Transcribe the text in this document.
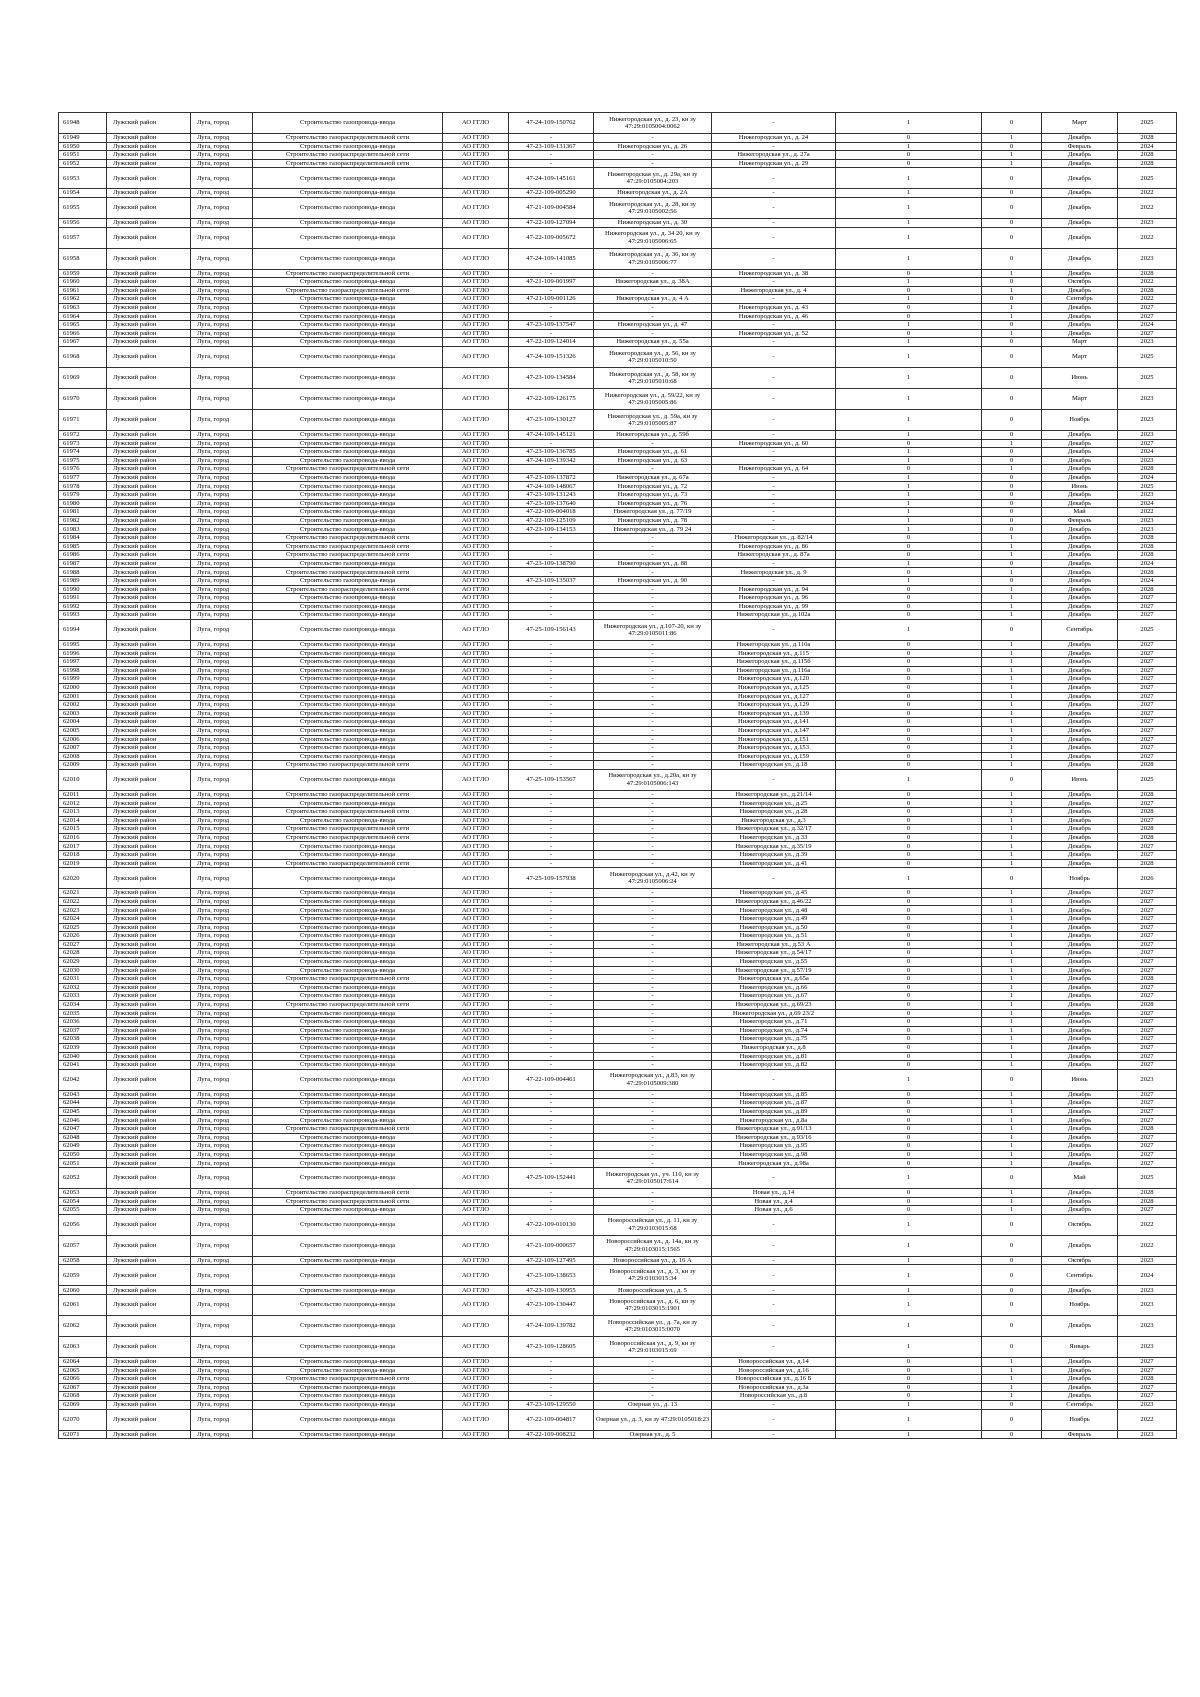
61948	Лужский район	Луга, город	Строительство газопровода-ввода	АО ГГЛО	47-24-109-150762	Нижегородская ул., д. 23, кн зу 47:29:0105004:0062	-	1	0	Март	2025
61949	Лужский район	Луга, город	Строительство газораспределительной сети	АО ГГЛО	-	-	Нижегородская ул., д. 24	0	1	Декабрь	2028
61950	Лужский район	Луга, город	Строительство газопровода-ввода	АО ГГЛО	47-23-109-131367	Нижегородская ул., д. 26	-	1	0	Февраль	2024
61951	Лужский район	Луга, город	Строительство газораспределительной сети	АО ГГЛО	-	-	Нижегородская ул., д. 27а	0	1	Декабрь	2028
61952	Лужский район	Луга, город	Строительство газораспределительной сети	АО ГГЛО	-	-	Нижегородская ул., д. 29	0	1	Декабрь	2028
61953	Лужский район	Луга, город	Строительство газопровода-ввода	АО ГГЛО	47-24-109-145161	Нижегородская ул., д. 29а, кн зу 47:29:0105004:203	-	1	0	Декабрь	2025
61954	Лужский район	Луга, город	Строительство газопровода-ввода	АО ГГЛО	47-22-109-005290	Нижегородская ул., д. 2А	-	1	0	Декабрь	2022
61955	Лужский район	Луга, город	Строительство газопровода-ввода	АО ГГЛО	47-21-109-004584	Нижегородская ул., д. 28, кн зу 47:29:0105002:56	-	1	0	Декабрь	2022
61956	Лужский район	Луга, город	Строительство газопровода-ввода	АО ГГЛО	47-22-109-127094	Нижегородская ул., д. 30	-	1	0	Декабрь	2023
61957	Лужский район	Луга, город	Строительство газопровода-ввода	АО ГГЛО	47-22-109-005672	Нижегородская ул., д. 34 20, кн зу 47:29:0105006:65	-	1	0	Декабрь	2022
61958	Лужский район	Луга, город	Строительство газопровода-ввода	АО ГГЛО	47-24-109-141085	Нижегородская ул., д. 36, кн зу 47:29:0105006:77	-	1	0	Декабрь	2023
61959	Лужский район	Луга, город	Строительство газораспределительной сети	АО ГГЛО	-	-	Нижегородская ул., д. 38	0	1	Декабрь	2028
61960	Лужский район	Луга, город	Строительство газопровода-ввода	АО ГГЛО	47-21-109-001997	Нижегородская ул., д. 38А	-	1	0	Октябрь	2022
61961	Лужский район	Луга, город	Строительство газораспределительной сети	АО ГГЛО	-	-	Нижегородская ул., д. 4	0	1	Декабрь	2028
61962	Лужский район	Луга, город	Строительство газопровода-ввода	АО ГГЛО	47-21-109-001126	Нижегородская ул., д. 4 А	-	1	0	Сентябрь	2022
61963	Лужский район	Луга, город	Строительство газопровода-ввода	АО ГГЛО	-	-	Нижегородская ул., д. 43	0	1	Декабрь	2027
61964	Лужский район	Луга, город	Строительство газопровода-ввода	АО ГГЛО	-	-	Нижегородская ул., д. 46	0	1	Декабрь	2027
61965	Лужский район	Луга, город	Строительство газопровода-ввода	АО ГГЛО	47-23-109-137547	Нижегородская ул., д. 47	-	1	0	Декабрь	2024
61966	Лужский район	Луга, город	Строительство газопровода-ввода	АО ГГЛО	-	-	Нижегородская ул., д. 52	0	1	Декабрь	2027
61967	Лужский район	Луга, город	Строительство газопровода-ввода	АО ГГЛО	47-22-109-124014	Нижегородская ул., д. 55а	-	1	0	Март	2023
61968	Лужский район	Луга, город	Строительство газопровода-ввода	АО ГГЛО	47-24-109-151326	Нижегородская ул., д. 56, кн зу 47:29:0105010:50	-	1	0	Март	2025
61969	Лужский район	Луга, город	Строительство газопровода-ввода	АО ГГЛО	47-23-109-134584	Нижегородская ул., д. 58, кн зу 47:29:0105010:68	-	1	0	Июнь	2025
61970	Лужский район	Луга, город	Строительство газопровода-ввода	АО ГГЛО	47-22-109-126175	Нижегородская ул., д. 59/22, кн зу 47:29:0105005:86	-	1	0	Март	2023
61971	Лужский район	Луга, город	Строительство газопровода-ввода	АО ГГЛО	47-23-109-130127	Нижегородская ул., д. 59а, кн зу 47:29:0105005:87	-	1	0	Ноябрь	2023
61972	Лужский район	Луга, город	Строительство газопровода-ввода	АО ГГЛО	47-24-109-145121	Нижегородская ул., д. 59б	-	1	0	Декабрь	2023
61973	Лужский район	Луга, город	Строительство газопровода-ввода	АО ГГЛО	-	-	Нижегородская ул., д. 60	0	1	Декабрь	2027
61974	Лужский район	Луга, город	Строительство газопровода-ввода	АО ГГЛО	47-23-109-136785	Нижегородская ул., д. 61	-	1	0	Декабрь	2024
61975	Лужский район	Луга, город	Строительство газопровода-ввода	АО ГГЛО	47-24-109-139342	Нижегородская ул., д. 63	-	1	0	Декабрь	2023
61976	Лужский район	Луга, город	Строительство газораспределительной сети	АО ГГЛО	-	-	Нижегородская ул., д. 64	0	1	Декабрь	2028
61977	Лужский район	Луга, город	Строительство газопровода-ввода	АО ГГЛО	47-23-109-137872	Нижегородская ул., д. 67а	-	1	0	Декабрь	2024
61978	Лужский район	Луга, город	Строительство газопровода-ввода	АО ГГЛО	47-24-109-148067	Нижегородская ул., д. 72	-	1	0	Июнь	2025
61979	Лужский район	Луга, город	Строительство газопровода-ввода	АО ГГЛО	47-23-109-131243	Нижегородская ул., д. 73	-	1	0	Декабрь	2023
61980	Лужский район	Луга, город	Строительство газопровода-ввода	АО ГГЛО	47-23-109-137640	Нижегородская ул., д. 76	-	1	0	Декабрь	2024
61981	Лужский район	Луга, город	Строительство газопровода-ввода	АО ГГЛО	47-22-109-004018	Нижегородская ул., д. 77/19	-	1	0	Май	2022
61982	Лужский район	Луга, город	Строительство газопровода-ввода	АО ГГЛО	47-22-109-125109	Нижегородская ул., д. 78	-	1	0	Февраль	2023
61983	Лужский район	Луга, город	Строительство газопровода-ввода	АО ГГЛО	47-23-109-134153	Нижегородская ул., д. 79 24	-	1	0	Декабрь	2023
61984	Лужский район	Луга, город	Строительство газораспределительной сети	АО ГГЛО	-	-	Нижегородская ул., д. 82/14	0	1	Декабрь	2028
61985	Лужский район	Луга, город	Строительство газораспределительной сети	АО ГГЛО	-	-	Нижегородская ул., д. 86	0	1	Декабрь	2028
61986	Лужский район	Луга, город	Строительство газораспределительной сети	АО ГГЛО	-	-	Нижегородская ул., д. 87а	0	1	Декабрь	2028
61987	Лужский район	Луга, город	Строительство газопровода-ввода	АО ГГЛО	47-23-109-138790	Нижегородская ул., д. 88	-	1	0	Декабрь	2024
61988	Лужский район	Луга, город	Строительство газораспределительной сети	АО ГГЛО	-	-	Нижегородская ул., д. 9	0	1	Декабрь	2028
61989	Лужский район	Луга, город	Строительство газопровода-ввода	АО ГГЛО	47-23-109-135037	Нижегородская ул., д. 90	-	1	0	Декабрь	2024
61990	Лужский район	Луга, город	Строительство газораспределительной сети	АО ГГЛО	-	-	Нижегородская ул., д. 94	0	1	Декабрь	2028
61991	Лужский район	Луга, город	Строительство газопровода-ввода	АО ГГЛО	-	-	Нижегородская ул., д. 96	0	1	Декабрь	2027
61992	Лужский район	Луга, город	Строительство газопровода-ввода	АО ГГЛО	-	-	Нижегородская ул., д. 99	0	1	Декабрь	2027
61993	Лужский район	Луга, город	Строительство газопровода-ввода	АО ГГЛО	-	-	Нижегородская ул., д.102а	0	1	Декабрь	2027
61994	Лужский район	Луга, город	Строительство газопровода-ввода	АО ГГЛО	47-25-109-156143	Нижегородская ул., д.107-20, кн зу 47:29:0105011:86	-	1	0	Сентябрь	2025
61995	Лужский район	Луга, город	Строительство газопровода-ввода	АО ГГЛО	-	-	Нижегородская ул., д.110а	0	1	Декабрь	2027
61996	Лужский район	Луга, город	Строительство газопровода-ввода	АО ГГЛО	-	-	Нижегородская ул., д.115	0	1	Декабрь	2027
61997	Лужский район	Луга, город	Строительство газопровода-ввода	АО ГГЛО	-	-	Нижегородская ул., д.115б	0	1	Декабрь	2027
61998	Лужский район	Луга, город	Строительство газопровода-ввода	АО ГГЛО	-	-	Нижегородская ул., д.116а	0	1	Декабрь	2027
61999	Лужский район	Луга, город	Строительство газопровода-ввода	АО ГГЛО	-	-	Нижегородская ул., д.120	0	1	Декабрь	2027
62000	Лужский район	Луга, город	Строительство газопровода-ввода	АО ГГЛО	-	-	Нижегородская ул., д.125	0	1	Декабрь	2027
62001	Лужский район	Луга, город	Строительство газопровода-ввода	АО ГГЛО	-	-	Нижегородская ул., д.127	0	1	Декабрь	2027
62002	Лужский район	Луга, город	Строительство газопровода-ввода	АО ГГЛО	-	-	Нижегородская ул., д.129	0	1	Декабрь	2027
62003	Лужский район	Луга, город	Строительство газопровода-ввода	АО ГГЛО	-	-	Нижегородская ул., д.139	0	1	Декабрь	2027
62004	Лужский район	Луга, город	Строительство газопровода-ввода	АО ГГЛО	-	-	Нижегородская ул., д.141	0	1	Декабрь	2027
62005	Лужский район	Луга, город	Строительство газопровода-ввода	АО ГГЛО	-	-	Нижегородская ул., д.147	0	1	Декабрь	2027
62006	Лужский район	Луга, город	Строительство газопровода-ввода	АО ГГЛО	-	-	Нижегородская ул., д.151	0	1	Декабрь	2027
62007	Лужский район	Луга, город	Строительство газопровода-ввода	АО ГГЛО	-	-	Нижегородская ул., д.153	0	1	Декабрь	2027
62008	Лужский район	Луга, город	Строительство газопровода-ввода	АО ГГЛО	-	-	Нижегородская ул., д.159	0	1	Декабрь	2027
62009	Лужский район	Луга, город	Строительство газораспределительной сети	АО ГГЛО	-	-	Нижегородская ул., д.18	0	1	Декабрь	2028
62010	Лужский район	Луга, город	Строительство газопровода-ввода	АО ГГЛО	47-25-109-153567	Нижегородская ул., д.20а, кн зу 47:29:0105006:143	-	1	0	Июнь	2025
62011	Лужский район	Луга, город	Строительство газораспределительной сети	АО ГГЛО	-	-	Нижегородская ул., д.21/14	0	1	Декабрь	2028
62012	Лужский район	Луга, город	Строительство газопровода-ввода	АО ГГЛО	-	-	Нижегородская ул., д.25	0	1	Декабрь	2027
62013	Лужский район	Луга, город	Строительство газораспределительной сети	АО ГГЛО	-	-	Нижегородская ул., д.28	0	1	Декабрь	2028
62014	Лужский район	Луга, город	Строительство газопровода-ввода	АО ГГЛО	-	-	Нижегородская ул., д.3	0	1	Декабрь	2027
62015	Лужский район	Луга, город	Строительство газораспределительной сети	АО ГГЛО	-	-	Нижегородская ул., д.32/17	0	1	Декабрь	2028
62016	Лужский район	Луга, город	Строительство газораспределительной сети	АО ГГЛО	-	-	Нижегородская ул., д.33	0	1	Декабрь	2028
62017	Лужский район	Луга, город	Строительство газопровода-ввода	АО ГГЛО	-	-	Нижегородская ул., д.35/19	0	1	Декабрь	2027
62018	Лужский район	Луга, город	Строительство газопровода-ввода	АО ГГЛО	-	-	Нижегородская ул., д.39	0	1	Декабрь	2027
62019	Лужский район	Луга, город	Строительство газораспределительной сети	АО ГГЛО	-	-	Нижегородская ул., д.41	0	1	Декабрь	2028
62020	Лужский район	Луга, город	Строительство газопровода-ввода	АО ГГЛО	47-25-109-157938	Нижегородская ул., д.42, кн зу 47:29:0105006:24	-	1	0	Ноябрь	2026
62021	Лужский район	Луга, город	Строительство газопровода-ввода	АО ГГЛО	-	-	Нижегородская ул., д.45	0	1	Декабрь	2027
62022	Лужский район	Луга, город	Строительство газопровода-ввода	АО ГГЛО	-	-	Нижегородская ул., д.46/22	0	1	Декабрь	2027
62023	Лужский район	Луга, город	Строительство газопровода-ввода	АО ГГЛО	-	-	Нижегородская ул., д.48	0	1	Декабрь	2027
62024	Лужский район	Луга, город	Строительство газопровода-ввода	АО ГГЛО	-	-	Нижегородская ул., д.49	0	1	Декабрь	2027
62025	Лужский район	Луга, город	Строительство газопровода-ввода	АО ГГЛО	-	-	Нижегородская ул., д.50	0	1	Декабрь	2027
62026	Лужский район	Луга, город	Строительство газопровода-ввода	АО ГГЛО	-	-	Нижегородская ул., д.51	0	1	Декабрь	2027
62027	Лужский район	Луга, город	Строительство газопровода-ввода	АО ГГЛО	-	-	Нижегородская ул., д.53 А	0	1	Декабрь	2027
62028	Лужский район	Луга, город	Строительство газопровода-ввода	АО ГГЛО	-	-	Нижегородская ул., д.54/17	0	1	Декабрь	2027
62029	Лужский район	Луга, город	Строительство газопровода-ввода	АО ГГЛО	-	-	Нижегородская ул., д.55	0	1	Декабрь	2027
62030	Лужский район	Луга, город	Строительство газопровода-ввода	АО ГГЛО	-	-	Нижегородская ул., д.57/19	0	1	Декабрь	2027
62031	Лужский район	Луга, город	Строительство газораспределительной сети	АО ГГЛО	-	-	Нижегородская ул., д.65а	0	1	Декабрь	2028
62032	Лужский район	Луга, город	Строительство газопровода-ввода	АО ГГЛО	-	-	Нижегородская ул., д.66	0	1	Декабрь	2027
62033	Лужский район	Луга, город	Строительство газопровода-ввода	АО ГГЛО	-	-	Нижегородская ул., д.67	0	1	Декабрь	2027
62034	Лужский район	Луга, город	Строительство газораспределительной сети	АО ГГЛО	-	-	Нижегородская ул., д.69/23	0	1	Декабрь	2028
62035	Лужский район	Луга, город	Строительство газопровода-ввода	АО ГГЛО	-	-	Нижегородская ул., д.69 23/2	0	1	Декабрь	2027
62036	Лужский район	Луга, город	Строительство газопровода-ввода	АО ГГЛО	-	-	Нижегородская ул., д.71	0	1	Декабрь	2027
62037	Лужский район	Луга, город	Строительство газопровода-ввода	АО ГГЛО	-	-	Нижегородская ул., д.74	0	1	Декабрь	2027
62038	Лужский район	Луга, город	Строительство газопровода-ввода	АО ГГЛО	-	-	Нижегородская ул., д.75	0	1	Декабрь	2027
62039	Лужский район	Луга, город	Строительство газопровода-ввода	АО ГГЛО	-	-	Нижегородская ул., д.8	0	1	Декабрь	2027
62040	Лужский район	Луга, город	Строительство газопровода-ввода	АО ГГЛО	-	-	Нижегородская ул., д.81	0	1	Декабрь	2027
62041	Лужский район	Луга, город	Строительство газопровода-ввода	АО ГГЛО	-	-	Нижегородская ул., д.82	0	1	Декабрь	2027
62042	Лужский район	Луга, город	Строительство газопровода-ввода	АО ГГЛО	47-22-109-004461	Нижегородская ул., д.83, кн зу 47:29:0105009:380	-	1	0	Июнь	2023
62043	Лужский район	Луга, город	Строительство газопровода-ввода	АО ГГЛО	-	-	Нижегородская ул., д.85	0	1	Декабрь	2027
62044	Лужский район	Луга, город	Строительство газопровода-ввода	АО ГГЛО	-	-	Нижегородская ул., д.87	0	1	Декабрь	2027
62045	Лужский район	Луга, город	Строительство газопровода-ввода	АО ГГЛО	-	-	Нижегородская ул., д.89	0	1	Декабрь	2027
62046	Лужский район	Луга, город	Строительство газопровода-ввода	АО ГГЛО	-	-	Нижегородская ул., д.8а	0	1	Декабрь	2027
62047	Лужский район	Луга, город	Строительство газораспределительной сети	АО ГГЛО	-	-	Нижегородская ул., д.91/13	0	1	Декабрь	2028
62048	Лужский район	Луга, город	Строительство газопровода-ввода	АО ГГЛО	-	-	Нижегородская ул., д.93/16	0	1	Декабрь	2027
62049	Лужский район	Луга, город	Строительство газопровода-ввода	АО ГГЛО	-	-	Нижегородская ул., д.95	0	1	Декабрь	2027
62050	Лужский район	Луга, город	Строительство газопровода-ввода	АО ГГЛО	-	-	Нижегородская ул., д.98	0	1	Декабрь	2027
62051	Лужский район	Луга, город	Строительство газопровода-ввода	АО ГГЛО	-	-	Нижегородская ул., д.98а	0	1	Декабрь	2027
62052	Лужский район	Луга, город	Строительство газопровода-ввода	АО ГГЛО	47-25-109-152441	Нижегородская ул., уч. 110, кн зу 47:29:0105017:614	-	1	0	Май	2025
62053	Лужский район	Луга, город	Строительство газораспределительной сети	АО ГГЛО	-	-	Новая ул., д.14	0	1	Декабрь	2028
62054	Лужский район	Луга, город	Строительство газораспределительной сети	АО ГГЛО	-	-	Новая ул., д.4	0	1	Декабрь	2028
62055	Лужский район	Луга, город	Строительство газопровода-ввода	АО ГГЛО	-	-	Новая ул., д.6	0	1	Декабрь	2027
62056	Лужский район	Луга, город	Строительство газопровода-ввода	АО ГГЛО	47-22-109-010130	Новороссийская ул., д. 11, кн зу 47:29:0103015:68	-	1	0	Октябрь	2022
62057	Лужский район	Луга, город	Строительство газопровода-ввода	АО ГГЛО	47-21-109-000657	Новороссийская ул., д. 14а, кн зу 47:29:0103015:1565	-	1	0	Декабрь	2022
62058	Лужский район	Луга, город	Строительство газопровода-ввода	АО ГГЛО	47-22-109-127495	Новороссийская ул., д. 16 А	-	1	0	Октябрь	2023
62059	Лужский район	Луга, город	Строительство газопровода-ввода	АО ГГЛО	47-23-109-138653	Новороссийская ул., д. 3, кн зу 47:29:0103015:34	-	1	0	Сентябрь	2024
62060	Лужский район	Луга, город	Строительство газопровода-ввода	АО ГГЛО	47-23-109-130955	Новороссийская ул., д. 5	-	1	0	Декабрь	2023
62061	Лужский район	Луга, город	Строительство газопровода-ввода	АО ГГЛО	47-23-109-130447	Новороссийская ул., д. 6, кн зу 47:29:0103015:1901	-	1	0	Ноябрь	2023
62062	Лужский район	Луга, город	Строительство газопровода-ввода	АО ГГЛО	47-24-109-139782	Новороссийская ул., д. 7а, кн зу 47:29:0103015:0070	-	1	0	Декабрь	2023
62063	Лужский район	Луга, город	Строительство газопровода-ввода	АО ГГЛО	47-23-109-128605	Новороссийская ул., д. 9, кн зу 47:29:0103015:69	-	1	0	Январь	2023
62064	Лужский район	Луга, город	Строительство газопровода-ввода	АО ГГЛО	-	-	Новороссийская ул., д.14	0	1	Декабрь	2027
62065	Лужский район	Луга, город	Строительство газопровода-ввода	АО ГГЛО	-	-	Новороссийская ул., д.16	0	1	Декабрь	2027
62066	Лужский район	Луга, город	Строительство газораспределительной сети	АО ГГЛО	-	-	Новороссийская ул., д.16 Б	0	1	Декабрь	2028
62067	Лужский район	Луга, город	Строительство газопровода-ввода	АО ГГЛО	-	-	Новороссийская ул., д.3а	0	1	Декабрь	2027
62068	Лужский район	Луга, город	Строительство газопровода-ввода	АО ГГЛО	-	-	Новороссийская ул., д.8	0	1	Декабрь	2027
62069	Лужский район	Луга, город	Строительство газопровода-ввода	АО ГГЛО	47-23-109-129550	Озерная ул., д. 13	-	1	0	Сентябрь	2023
62070	Лужский район	Луга, город	Строительство газопровода-ввода	АО ГГЛО	47-22-109-004817	Озерная ул., д. 3, кн зу 47:29:0105018:23	-	1	0	Ноябрь	2022
62071	Лужский район	Луга, город	Строительство газопровода-ввода	АО ГГЛО	47-22-109-008232	Озерная ул., д. 5	-	1	0	Февраль	2023
